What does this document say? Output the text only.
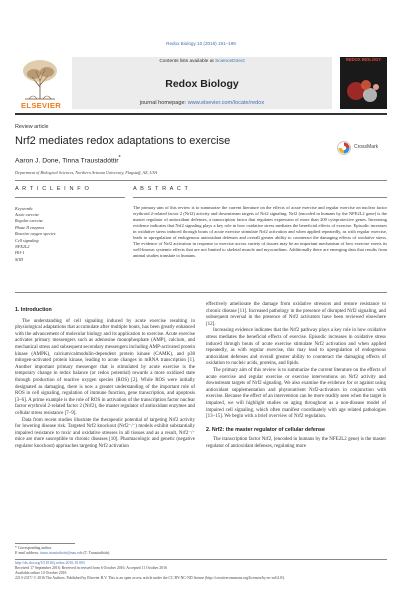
Redox Biology 10 (2016) 191–199
ELSEVIER
Contents lists available at ScienceDirect
Redox Biology
journal homepage: www.elsevier.com/locate/redox
REDOX BIOLOGY
Review article
Nrf2 mediates redox adaptations to exercise
Aaron J. Done, Tinna Traustadóttir*
Department of Biological Sciences, Northern Arizona University, Flagstaff, AZ, USA
CrossMark
A R T I C L E I N F O	A B S T R A C T
Keywords:
Acute exercise
Regular exercise
Phase II enzymes
Reactive oxygen species
Cell signaling
NFE2L2
HO-1
SOD
The primary aim of this review is to summarize the current literature on the effects of acute exercise and regular exercise on nuclear factor erythroid 2-related factor 2 (Nrf2) activity and downstream targets of Nrf2 signaling. Nrf2 (encoded in humans by the NFE2L2 gene) is the master regulator of antioxidant defenses, a transcription factor that regulates expression of more than 200 cytoprotective genes. Increasing evidence indicates that Nrf2 signaling plays a key role in how oxidative stress mediates the beneficial effects of exercise. Episodic increases in oxidative stress induced through bouts of acute exercise stimulate Nrf2 activation and when applied repeatedly, as with regular exercise, leads to upregulation of endogenous antioxidant defenses and overall greater ability to counteract the damaging effects of oxidative stress. The evidence of Nrf2 activation in response to exercise across variety of tissues may be an important mechanism of how exercise exerts its well-known systemic effects that are not limited to skeletal muscle and myocardium. Additionally there are emerging data that results from animal studies translate to humans.
1. Introduction

The understanding of cell signaling induced by acute exercise resulting in physiological adaptations that accumulate after multiple bouts, has been greatly enhanced with the advancement of molecular biology and its application to exercise. Acute exercise activates primary messengers such as adenosine monophosphate (AMP), calcium, and mechanical stress and subsequent secondary messengers including AMP-activated protein kinase (AMPK), calcium/calmodulin-dependent protein kinase (CAMK), and p38 mitogen-activated protein kinase, leading to acute changes in mRNA transcription [1]. Another important primary messenger that is stimulated by acute exercise is the temporary change in redox balance (or redox potential) towards a more oxidized state through production of reactive oxygen species (ROS) [2]. While ROS were initially designated as damaging, there is now a greater understanding of the important role of ROS in cell signaling, regulation of immune function, gene transcription, and apoptosis [3–6]. A prime example is the role of ROS in activation of the transcription factor nuclear factor erythroid 2-related factor 2 (Nrf2), the master regulator of antioxidant enzymes and cellular stress resistance [7–9].

Data from recent studies illustrate the therapeutic potential of targeting Nrf2 activity for lowering disease risk. Targeted Nrf2 knockout (Nrf2⁻/⁻) models exhibit substantially impaired resistance to toxic and oxidative stresses in all tissues and as a result, Nrf2⁻/⁻ mice are more susceptible to chronic diseases [10]. Pharmacologic and genetic (negative regulator knockout) approaches targeting Nrf2 activation

effectively ameliorate the damage from oxidative stressors and restore resistance to chronic disease [11]. Increased pathology in the presence of disrupted Nrf2 signaling, and subsequent reversal in the presence of Nrf2 activators have been reviewed elsewhere [12].

Increasing evidence indicates that the Nrf2 pathway plays a key role in how oxidative stress mediates the beneficial effects of exercise. Episodic increases in oxidative stress induced through bouts of acute exercise stimulate Nrf2 activation and when applied repeatedly, as with regular exercise, this may lead to upregulation of endogenous antioxidant defenses and overall greater ability to counteract the damaging effects of oxidation to nucleic acids, proteins, and lipids.

The primary aim of this review is to summarize the current literature on the effects of acute exercise and regular exercise or exercise interventions on Nrf2 activity and downstream targets of Nrf2 signaling. We also examine the evidence for or against using antioxidant supplementation and phytonutrient Nrf2-activators in conjunction with exercise. Because the effect of an intervention can be more readily seen when the target is impaired, we will highlight studies on aging throughout as a non-disease model of impaired cell signaling, which often manifest coordinately with age related pathologies [13–15]. We begin with a brief overview of Nrf2 regulation.

2. Nrf2: the master regulator of cellular defense

The transcription factor Nrf2, (encoded in humans by the NFE2L2 gene) is the master regulator of antioxidant defenses, regulating more

* Corresponding author.
E-mail address: tinna.traustadottir@nau.edu (T. Traustadóttir).
http://dx.doi.org/10.1016/j.redox.2016.10.003
Received 17 September 2016; Received in revised form 6 October 2016; Accepted 11 October 2016
Available online 14 October 2016
2213-2317/ © 2016 The Authors. Published by Elsevier B.V. This is an open access article under the CC BY-NC-ND license (http://creativecommons.org/licenses/by-nc-nd/4.0/).
